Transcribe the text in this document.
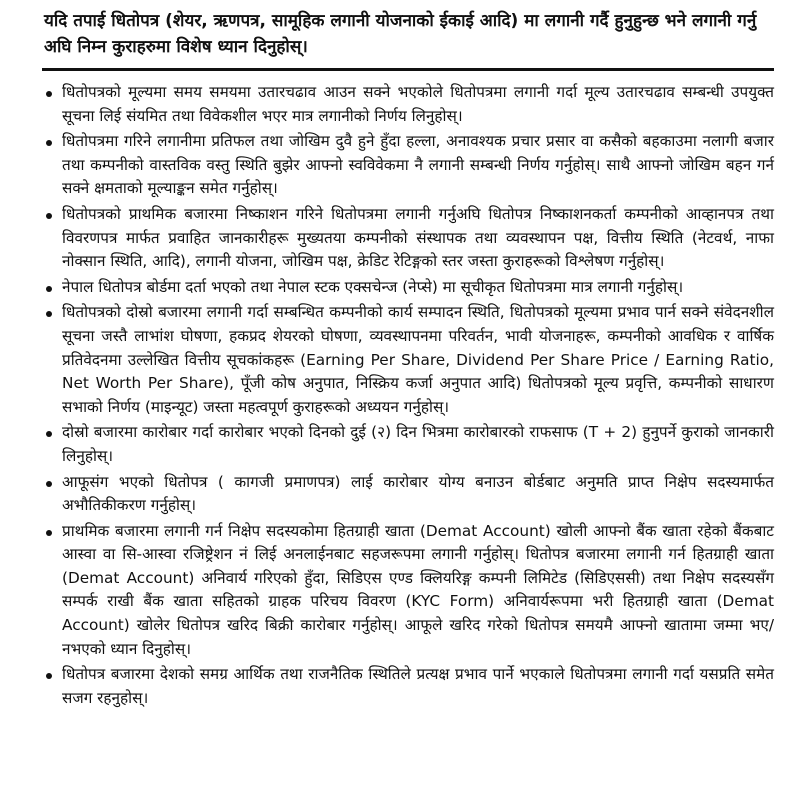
यदि तपाई धितोपत्र (शेयर, ऋणपत्र, सामूहिक लगानी योजनाको ईकाई आदि) मा लगानी गर्दै हुनुहुन्छ भने लगानी गर्नु अघि निम्न कुराहरुमा विशेष ध्यान दिनुहोस्।

धितोपत्रको मूल्यमा समय समयमा उतारचढाव आउन सक्ने भएकोले धितोपत्रमा लगानी गर्दा मूल्य उतारचढाव सम्बन्धी उपयुक्त सूचना लिई संयमित तथा विवेकशील भएर मात्र लगानीको निर्णय लिनुहोस्।
धितोपत्रमा गरिने लगानीमा प्रतिफल तथा जोखिम दुवै हुने हुँदा हल्ला, अनावश्यक प्रचार प्रसार वा कसैको बहकाउमा नलागी बजार तथा कम्पनीको वास्तविक वस्तु स्थिति बुझेर आफ्नो स्वविवेकमा नै लगानी सम्बन्धी निर्णय गर्नुहोस्। साथै आफ्नो जोखिम बहन गर्न सक्ने क्षमताको मूल्याङ्कन समेत गर्नुहोस्।
धितोपत्रको प्राथमिक बजारमा निष्काशन गरिने धितोपत्रमा लगानी गर्नुअघि धितोपत्र निष्काशनकर्ता कम्पनीको आव्हानपत्र तथा विवरणपत्र मार्फत प्रवाहित जानकारीहरू मुख्यतया कम्पनीको संस्थापक तथा व्यवस्थापन पक्ष, वित्तीय स्थिति (नेटवर्थ, नाफा नोक्सान स्थिति, आदि), लगानी योजना, जोखिम पक्ष, क्रेडिट रेटिङ्गको स्तर जस्ता कुराहरूको विश्लेषण गर्नुहोस्।
नेपाल धितोपत्र बोर्डमा दर्ता भएको तथा नेपाल स्टक एक्सचेन्ज (नेप्से) मा सूचीकृत धितोपत्रमा मात्र लगानी गर्नुहोस्।
धितोपत्रको दोस्रो बजारमा लगानी गर्दा सम्बन्धित कम्पनीको कार्य सम्पादन स्थिति, धितोपत्रको मूल्यमा प्रभाव पार्न सक्ने संवेदनशील सूचना जस्तै लाभांश घोषणा, हकप्रद शेयरको घोषणा, व्यवस्थापनमा परिवर्तन, भावी योजनाहरू, कम्पनीको आवधिक र वार्षिक प्रतिवेदनमा उल्लेखित वित्तीय सूचकांकहरू (Earning Per Share, Dividend Per Share Price / Earning Ratio, Net Worth Per Share), पूँजी कोष अनुपात, निस्क्रिय कर्जा अनुपात आदि) धितोपत्रको मूल्य प्रवृत्ति, कम्पनीको साधारण सभाको निर्णय (माइन्यूट) जस्ता महत्वपूर्ण कुराहरूको अध्ययन गर्नुहोस्।
दोस्रो बजारमा कारोबार गर्दा कारोबार भएको दिनको दुई (२) दिन भित्रमा कारोबारको राफसाफ (T + 2) हुनुपर्ने कुराको जानकारी लिनुहोस्।
आफूसंग भएको धितोपत्र ( कागजी प्रमाणपत्र) लाई कारोबार योग्य बनाउन बोर्डबाट अनुमति प्राप्त निक्षेप सदस्यमार्फत अभौतिकीकरण गर्नुहोस्।
प्राथमिक बजारमा लगानी गर्न निक्षेप सदस्यकोमा हितग्राही खाता (Demat Account) खोली आफ्नो बैंक खाता रहेको बैंकबाट आस्वा वा सि-आस्वा रजिष्ट्रेशन नं लिई अनलाईनबाट सहजरूपमा लगानी गर्नुहोस्। धितोपत्र बजारमा लगानी गर्न हितग्राही खाता (Demat Account) अनिवार्य गरिएको हुँदा, सिडिएस एण्ड क्लियरिङ्ग कम्पनी लिमिटेड (सिडिएससी) तथा निक्षेप सदस्यसँग सम्पर्क राखी बैंक खाता सहितको ग्राहक परिचय विवरण (KYC Form) अनिवार्यरूपमा भरी हितग्राही खाता (Demat Account) खोलेर धितोपत्र खरिद बिक्री कारोबार गर्नुहोस्। आफूले खरिद गरेको धितोपत्र समयमै आफ्नो खातामा जम्मा भए/नभएको ध्यान दिनुहोस्।
धितोपत्र बजारमा देशको समग्र आर्थिक तथा राजनैतिक स्थितिले प्रत्यक्ष प्रभाव पार्ने भएकाले धितोपत्रमा लगानी गर्दा यसप्रति समेत सजग रहनुहोस्।
